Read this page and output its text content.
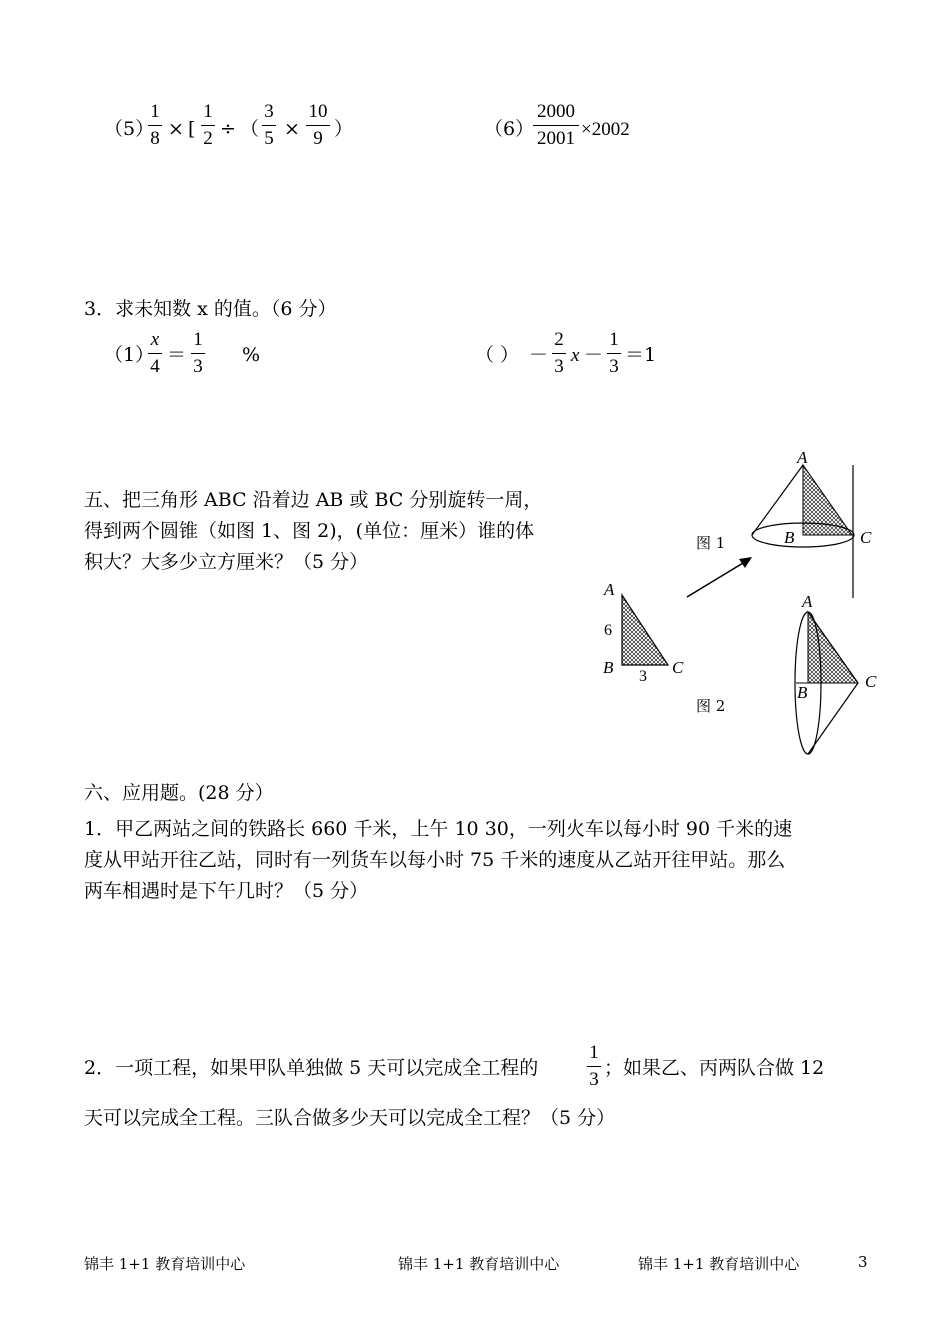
（5）
1
8 × [
1
2 ÷ （
3
5 ×
10
9 ）	（6）
2000
2001 ×2002
3．求未知数 x 的值。（6 分）
（1）
x
4
＝
1
3
%	（ ） －
2
3
x －
1
3
＝1
五、把三角形 ABC 沿着边 AB 或 BC 分别旋转一周，
得到两个圆锥（如图 1、图 2)，(单位：厘米）谁的体
积大？大多少立方厘米？（5 分）
A
B	C
6
3
A
B	C
A
B
C
图 1
图 2
六、应用题。(28 分）
1．甲乙两站之间的铁路长 660 千米，上午 10 30，一列火车以每小时 90 千米的速
度从甲站开往乙站，同时有一列货车以每小时 75 千米的速度从乙站开往甲站。那么
两车相遇时是下午几时？（5 分）
2．一项工程，如果甲队单独做 5 天可以完成全工程的
1
3
；如果乙、丙两队合做 12
天可以完成全工程。三队合做多少天可以完成全工程？（5 分）
锦丰 1+1 教育培训中心	锦丰 1+1 教育培训中心	锦丰 1+1 教育培训中心	3
